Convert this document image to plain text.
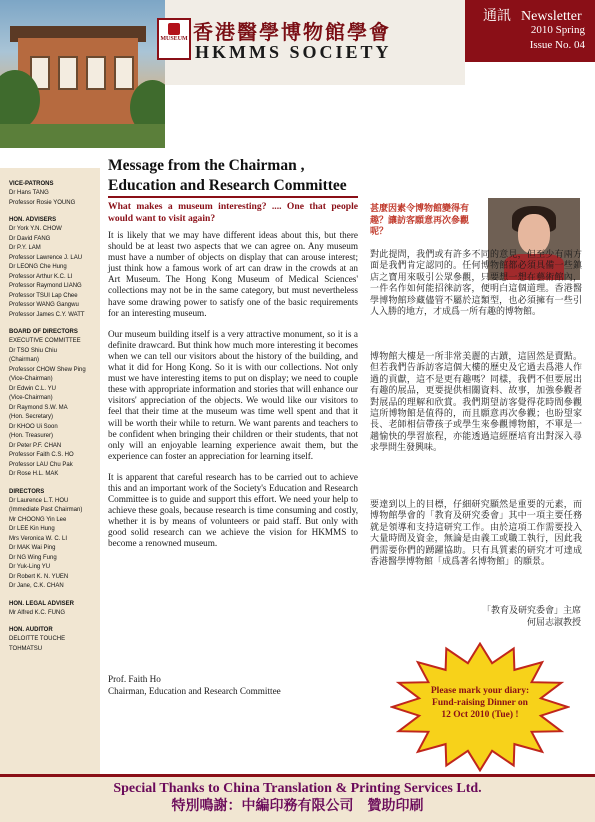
MUSEUM 香港醫學博物館學會
HKMMS SOCIETY
通訊 Newsletter
2010 Spring
Issue No. 04
VICE-PATRONS
Dr Hans TANG
Professor Rosie YOUNG
HON. ADVISERS
Dr York Y.N. CHOW
Dr David FANG
Dr P.Y. LAM
Professor Lawrence J. LAU
Dr LEONG Che Hung
Professor Arthur K.C. LI
Professor Raymond LIANG
Professor TSUI Lap Chee
Professor WANG Gangwu
Professor James C.Y. WATT
BOARD OF DIRECTORS
EXECUTIVE COMMITTEE
Dr TSO Shiu Chiu
(Chairman)
Professor CHOW Shew Ping
(Vice-Chairman)
Dr Edwin C.L. YU
(Vice-Chairman)
Dr Raymond S.W. MA
(Hon. Secretary)
Dr KHOO Ui Soon
(Hon. Treasurer)
Dr Peter P.F. CHAN
Professor Faith C.S. HO
Professor LAU Chu Pak
Dr Rose H.L. MAK
DIRECTORS
Dr Laurence L.T. HOU
(Immediate Past Chairman)
Mr CHOONG Yin Lee
Dr LEE Kin Hung
Mrs Veronica W. C. LI
Dr MAK Wai Ping
Dr NG Wing Fung
Dr Yuk-Ling YU
Dr Robert K. N. YUEN
Dr Jane, C.K. CHAN
HON. LEGAL ADVISER
Mr Alfred K.C. FUNG
HON. AUDITOR
DELOITTE TOUCHE
TOHMATSU
Message from the Chairman ,
Education and Research Committee
What makes a museum interesting? .... One that people would want to visit again?

It is likely that we may have different ideas about this, but there should be at least two aspects that we can agree on. Any museum must have a number of objects on display that can arouse interest; just think how a famous work of art can draw in the crowds at an Art Museum. The Hong Kong Museum of Medical Sciences' collections may not be in the same category, but must nevertheless have some drawing power to satisfy one of the basic requirements for an interesting museum.

Our museum building itself is a very attractive monument, so it is a definite drawcard. But think how much more interesting it becomes when we can tell our visitors about the history of the building, and what it did for Hong Kong. So it is with our collections. Not only must we have interesting items to put on display; we need to couple these with appropriate information and stories that will enhance our visitors' appreciation of the objects. We would like our visitors to feel that their time at the museum was time well spent and that it will be worth their while to return. We want parents and teachers to be confident when bringing their children or their students, that not only will an enjoyable learning experience await them, but the experience can foster an appreciation for learning itself.

It is apparent that careful research has to be carried out to achieve this and an important work of the Society's Education and Research Committee is to guide and support this effort. We need your help to achieve these goals, because research is time consuming and costly, whether it is by means of volunteers or paid staff. But only with good solid research can we achieve the vision for HKMMS to become a renowned museum.

Prof. Faith Ho
Chairman, Education and Research Committee
甚麼因素令博物館變得有趣？讓訪客願意再次參觀呢？
對此提問，我們或有許多不同的意見，但至少有兩方面是我們肯定認同的。任何博物館都必須具備一些鎮店之寶用來吸引公眾參觀，只要想一想在藝術館內，一件名作如何能招徠訪客，便明白這個道理。香港醫學博物館珍藏儘管不屬於這類型，也必須擁有一些引人入勝的地方，才成爲一所有趣的博物館。
博物館大樓是一所非常美麗的古蹟，這固然是賣點。但若我們告訴訪客這個大樓的歷史及它過去爲港人作過的貢獻，這不是更有趣嗎？同樣，我們不但要展出有趣的展品，更要提供相關資料、故事，加強參觀者對展品的理解和欣賞。我們期望訪客覺得花時間參觀這所博物館是值得的，而且願意再次參觀；也盼望家長、老師相信帶孩子或學生來參觀博物館，不單是一趟愉快的學習旅程，亦能透過這經歷培育出對深入尋求學問生發興味。
要達到以上的目標，仔細研究顯然是重要的元素，而博物館學會的「教育及研究委會」其中一項主要任務就是領導和支持這研究工作。由於這項工作需要投入大量時間及資金，無論是由義工或職工執行，因此我們需要你們的踴躍協助。只有具質素的研究才可達成香港醫學博物館「成爲著名博物館」的願景。
「教育及研究委會」主席
何屈志淑教授
Please mark your diary:
Fund-raising Dinner on
12 Oct 2010 (Tue) !
Special Thanks to China Translation & Printing Services Ltd.
特別鳴謝：中編印務有限公司　贊助印刷
